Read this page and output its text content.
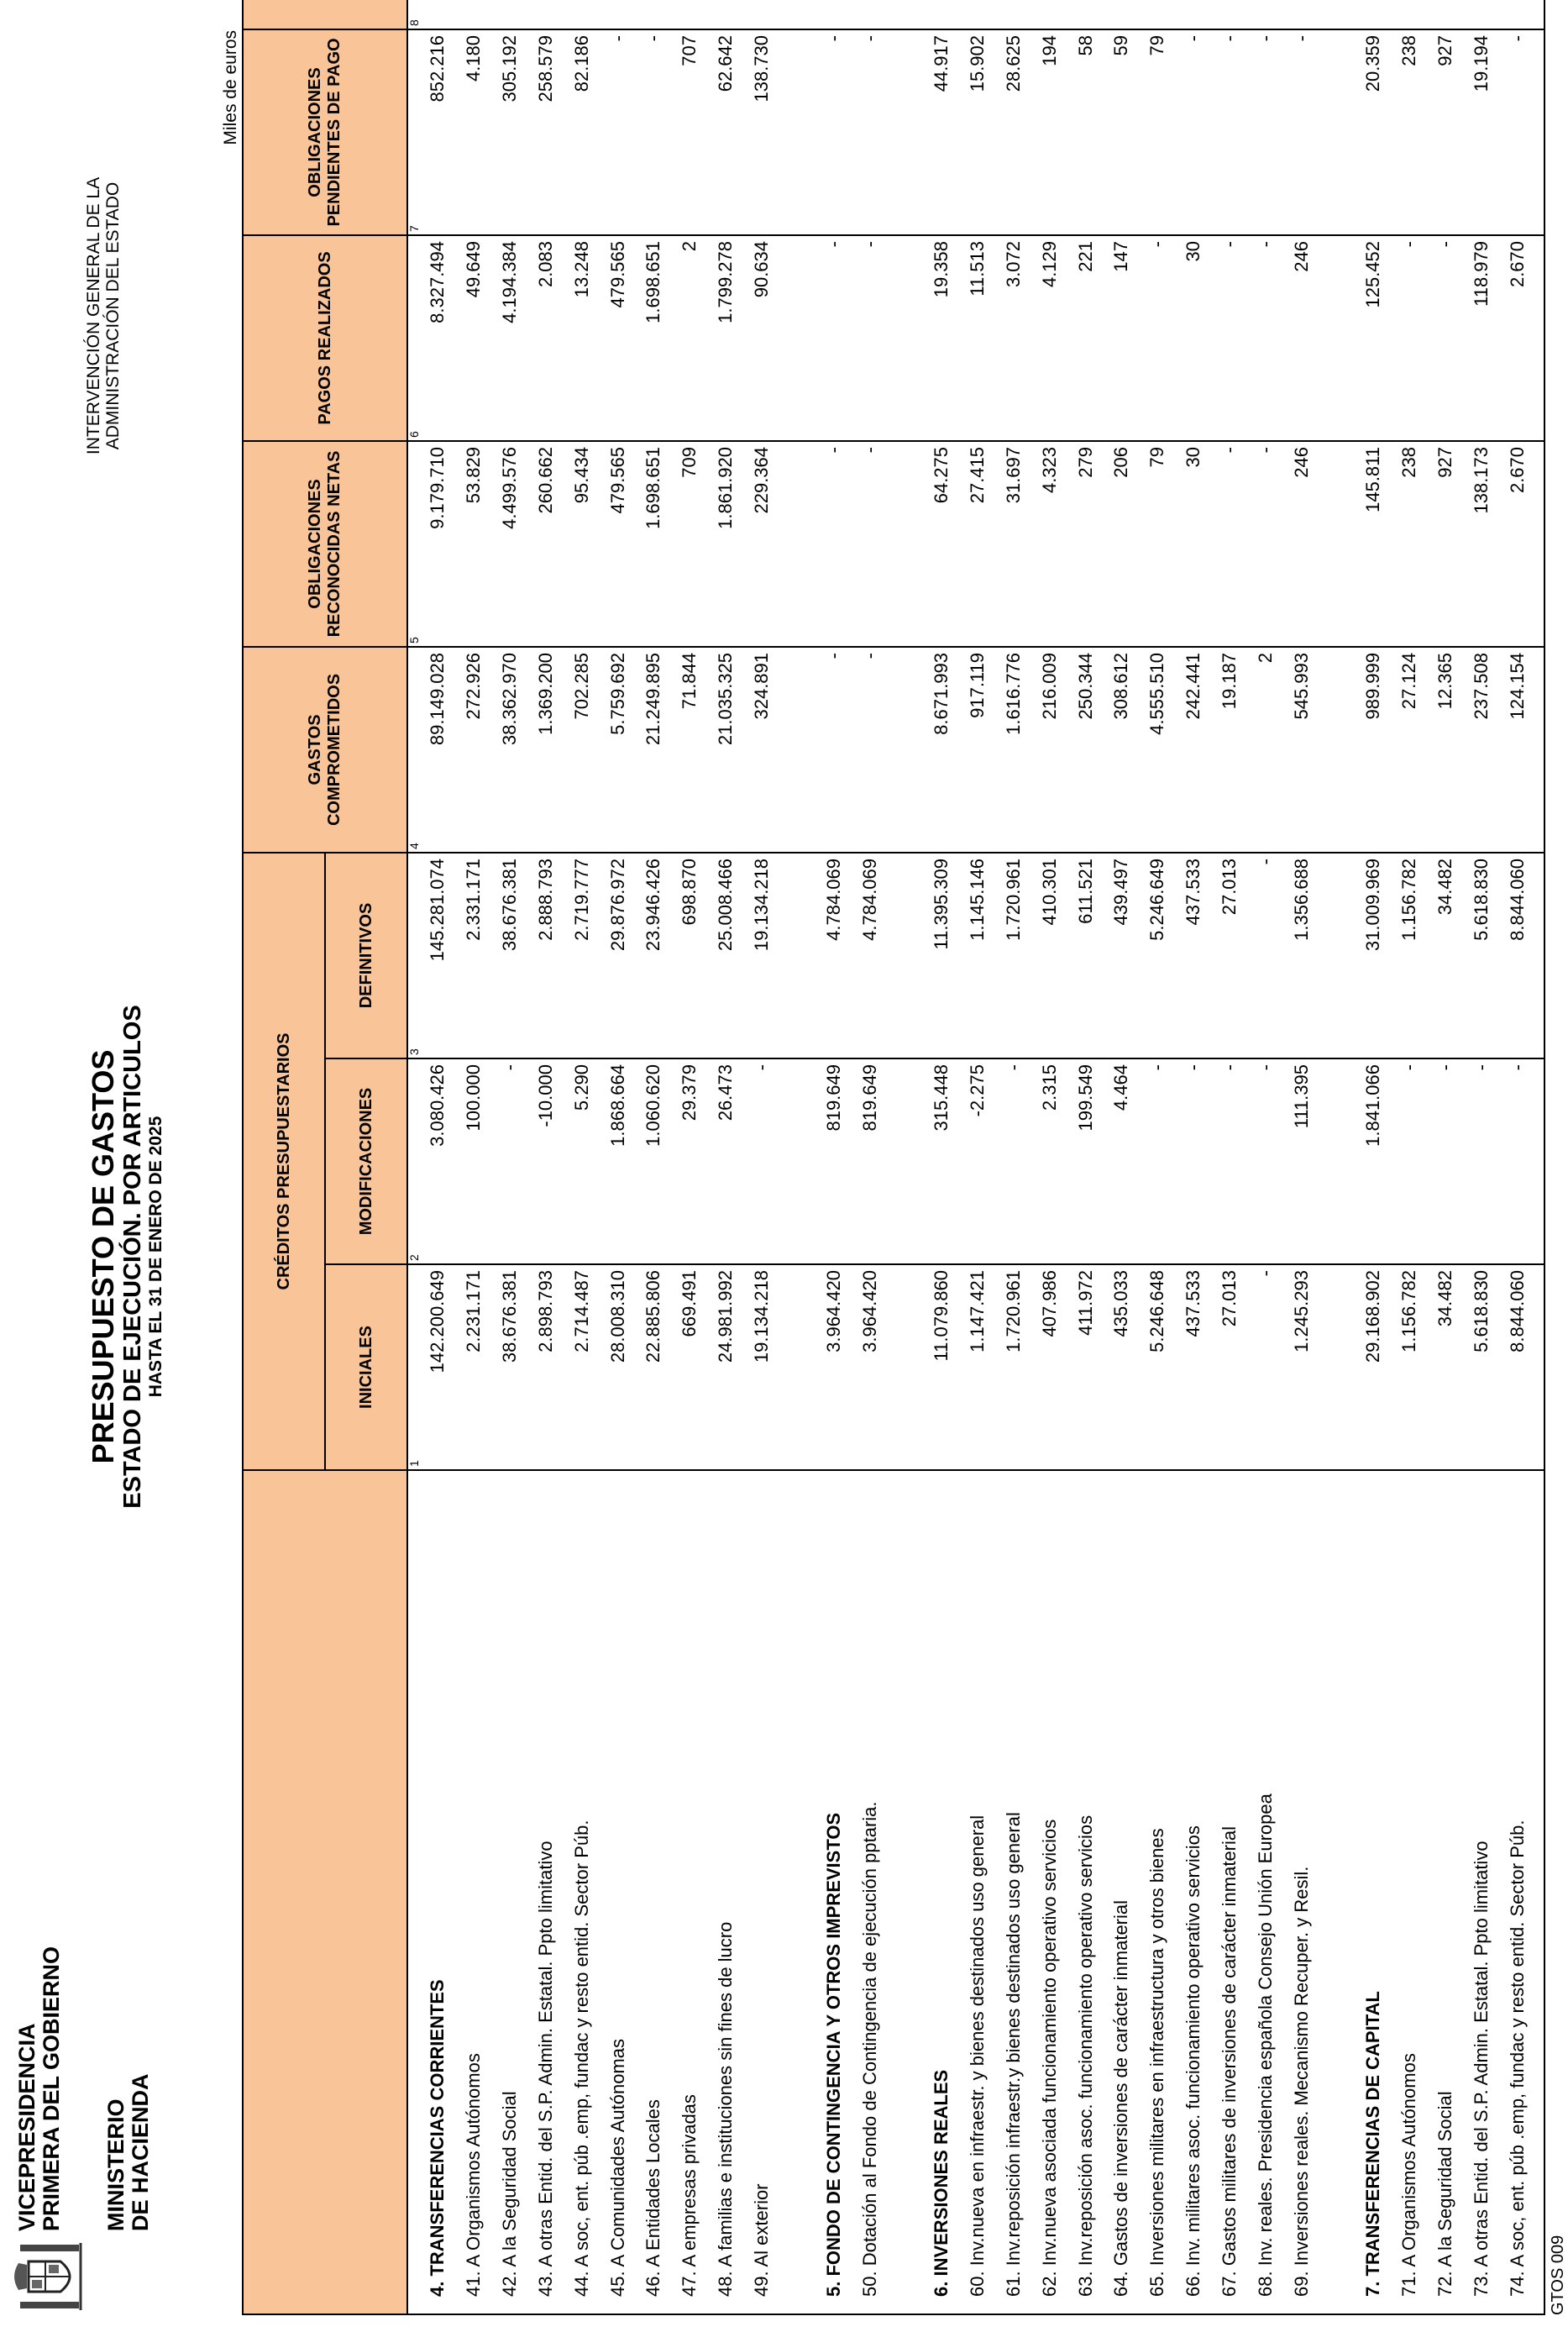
VICEPRESIDENCIA PRIMERA DEL GOBIERNO MINISTERIO DE HACIENDA
PRESUPUESTO DE GASTOS ESTADO DE EJECUCIÓN. POR ARTICULOS HASTA EL 31 DE ENERO DE 2025
INTERVENCIÓN GENERAL DE LA ADMINISTRACIÓN DEL ESTADO
Miles de euros
	CRÉDITOS PRESUPUESTARIOS			GASTOS COMPROMETIDOS	OBLIGACIONES RECONOCIDAS NETAS	PAGOS REALIZADOS	OBLIGACIONES PENDIENTES DE PAGO	
	INICIALES	MODIFICACIONES	DEFINITIVOS					
	1	2	3	4	5	6	7	8
4. TRANSFERENCIAS CORRIENTES	142.200.649	3.080.426	145.281.074	89.149.028	9.179.710	8.327.494	852.216	
41. A Organismos Autónomos	2.231.171	100.000	2.331.171	272.926	53.829	49.649	4.180	
42. A la Seguridad Social	38.676.381	-	38.676.381	38.362.970	4.499.576	4.194.384	305.192	
43. A otras Entid. del S.P. Admin. Estatal. Ppto limitativo	2.898.793	-10.000	2.888.793	1.369.200	260.662	2.083	258.579	
44. A soc, ent. púb .emp, fundac y resto entid. Sector Púb.	2.714.487	5.290	2.719.777	702.285	95.434	13.248	82.186	
45. A Comunidades Autónomas	28.008.310	1.868.664	29.876.972	5.759.692	479.565	479.565	-	
46. A Entidades Locales	22.885.806	1.060.620	23.946.426	21.249.895	1.698.651	1.698.651	-	
47. A empresas privadas	669.491	29.379	698.870	71.844	709	2	707	
48. A familias e instituciones sin fines de lucro	24.981.992	26.473	25.008.466	21.035.325	1.861.920	1.799.278	62.642	
49. Al exterior	19.134.218	-	19.134.218	324.891	229.364	90.634	138.730	

5. FONDO DE CONTINGENCIA Y OTROS IMPREVISTOS	3.964.420	819.649	4.784.069	-	-	-	-	
50. Dotación al Fondo de Contingencia de ejecución pptaria.	3.964.420	819.649	4.784.069	-	-	-	-	

6. INVERSIONES REALES	11.079.860	315.448	11.395.309	8.671.993	64.275	19.358	44.917	
60. Inv.nueva en infraestr. y bienes destinados uso general	1.147.421	-2.275	1.145.146	917.119	27.415	11.513	15.902	
61. Inv.reposición infraestr.y bienes destinados uso general	1.720.961	-	1.720.961	1.616.776	31.697	3.072	28.625	
62. Inv.nueva asociada funcionamiento operativo servicios	407.986	2.315	410.301	216.009	4.323	4.129	194	
63. Inv.reposición asoc. funcionamiento operativo servicios	411.972	199.549	611.521	250.344	279	221	58	
64. Gastos de inversiones de carácter inmaterial	435.033	4.464	439.497	308.612	206	147	59	
65. Inversiones militares en infraestructura y otros bienes	5.246.648	-	5.246.649	4.555.510	79	-	79	
66. Inv. militares asoc. funcionamiento operativo servicios	437.533	-	437.533	242.441	30	30	-	
67. Gastos militares de inversiones de carácter inmaterial	27.013	-	27.013	19.187	-	-	-	
68. Inv. reales. Presidencia española Consejo Unión Europea	-	-	-	2	-	-	-	
69. Inversiones reales. Mecanismo Recuper. y Resil.	1.245.293	111.395	1.356.688	545.993	246	246	-	

7. TRANSFERENCIAS DE CAPITAL	29.168.902	1.841.066	31.009.969	989.999	145.811	125.452	20.359	
71. A Organismos Autónomos	1.156.782	-	1.156.782	27.124	238	-	238	
72. A la Seguridad Social	34.482	-	34.482	12.365	927	-	927	
73. A otras Entid. del S.P. Admin. Estatal. Ppto limitativo	5.618.830	-	5.618.830	237.508	138.173	118.979	19.194	
74. A soc, ent. púb .emp, fundac y resto entid. Sector Púb.	8.844.060	-	8.844.060	124.154	2.670	2.670	-	

GTOS 009
